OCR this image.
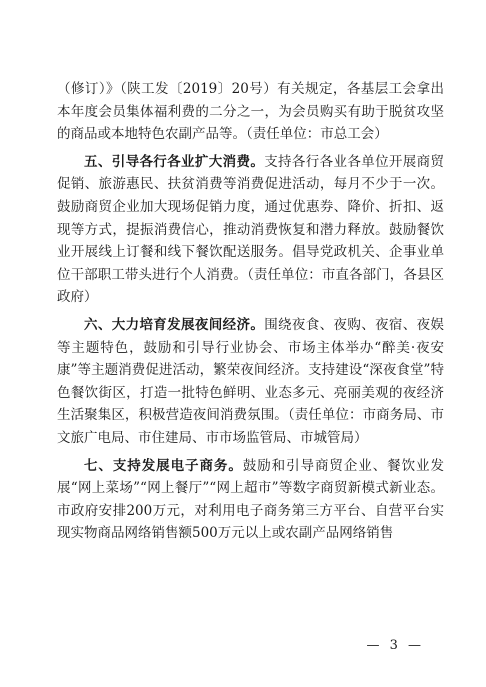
（修订）》（陕工发〔2019〕20号）有关规定，各基层工会拿出本年度会员集体福利费的二分之一，为会员购买有助于脱贫攻坚的商品或本地特色农副产品等。（责任单位：市总工会）

五、引导各行各业扩大消费。支持各行各业各单位开展商贸促销、旅游惠民、扶贫消费等消费促进活动，每月不少于一次。鼓励商贸企业加大现场促销力度，通过优惠券、降价、折扣、返现等方式，提振消费信心，推动消费恢复和潜力释放。鼓励餐饮业开展线上订餐和线下餐饮配送服务。倡导党政机关、企事业单位干部职工带头进行个人消费。（责任单位：市直各部门，各县区政府）

六、大力培育发展夜间经济。围绕夜食、夜购、夜宿、夜娱等主题特色，鼓励和引导行业协会、市场主体举办“醉美·夜安康”等主题消费促进活动，繁荣夜间经济。支持建设“深夜食堂”特色餐饮街区，打造一批特色鲜明、业态多元、亮丽美观的夜经济生活聚集区，积极营造夜间消费氛围。（责任单位：市商务局、市文旅广电局、市住建局、市市场监管局、市城管局）

七、支持发展电子商务。鼓励和引导商贸企业、餐饮业发展“网上菜场”“网上餐厅”“网上超市”等数字商贸新模式新业态。市政府安排200万元，对利用电子商务第三方平台、自营平台实现实物商品网络销售额500万元以上或农副产品网络销售

— 3 —
